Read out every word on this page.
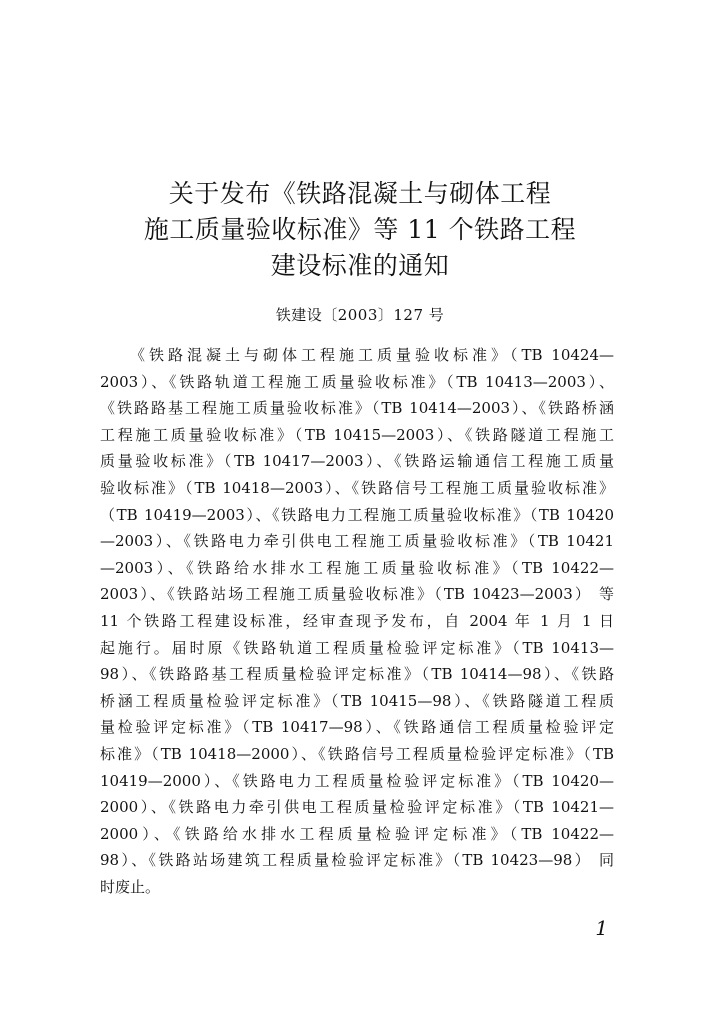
关于发布《铁路混凝土与砌体工程
施工质量验收标准》等 11 个铁路工程
建设标准的通知
铁建设〔2003〕127 号
《铁路混凝土与砌体工程施工质量验收标准》（TB 10424—
2003）、《铁路轨道工程施工质量验收标准》（TB 10413—2003）、
《铁路路基工程施工质量验收标准》（TB 10414—2003）、《铁路桥涵
工程施工质量验收标准》（TB 10415—2003）、《铁路隧道工程施工
质量验收标准》（TB 10417—2003）、《铁路运输通信工程施工质量
验收标准》（TB 10418—2003）、《铁路信号工程施工质量验收标准》
（TB 10419—2003）、《铁路电力工程施工质量验收标准》（TB 10420
—2003）、《铁路电力牵引供电工程施工质量验收标准》（TB 10421
—2003）、《铁路给水排水工程施工质量验收标准》（TB 10422—
2003）、《铁路站场工程施工质量验收标准》（TB 10423—2003） 等
11 个铁路工程建设标准，经审查现予发布，自 2004 年 1 月 1 日
起施行。届时原《铁路轨道工程质量检验评定标准》（TB 10413—
98）、《铁路路基工程质量检验评定标准》（TB 10414—98）、《铁路
桥涵工程质量检验评定标准》（TB 10415—98）、《铁路隧道工程质
量检验评定标准》（TB 10417—98）、《铁路通信工程质量检验评定
标准》（TB 10418—2000）、《铁路信号工程质量检验评定标准》（TB
10419—2000）、《铁路电力工程质量检验评定标准》（TB 10420—
2000）、《铁路电力牵引供电工程质量检验评定标准》（TB 10421—
2000）、《铁路给水排水工程质量检验评定标准》（TB 10422—
98）、《铁路站场建筑工程质量检验评定标准》（TB 10423—98） 同
时废止。
1
